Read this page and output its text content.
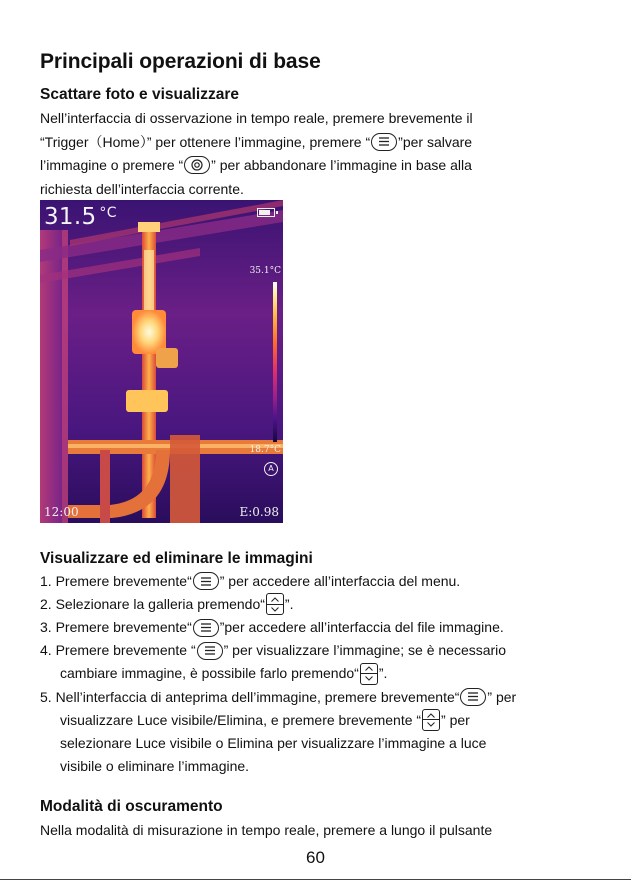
Principali operazioni di base
Scattare foto e visualizzare
Nell’interfaccia di osservazione in tempo reale, premere brevemente il
“Trigger（Home）” per ottenere l’immagine, premere “ ”per salvare
l’immagine o premere “ ” per abbandonare l’immagine in base alla
richiesta dell’interfaccia corrente.
31.5 $^{^\circ C}$
35.1°C
18.7°C
A
12:00	E:0.98
Visualizzare ed eliminare le immagini
1. Premere brevemente“ ” per accedere all’interfaccia del menu.
2. Selezionare la galleria premendo“ ”.
3. Premere brevemente“ ”per accedere all’interfaccia del file immagine.
4. Premere brevemente “ ” per visualizzare l’immagine; se è necessario
cambiare immagine, è possibile farlo premendo“ ”.
5. Nell’interfaccia di anteprima dell’immagine, premere brevemente“ ” per
visualizzare Luce visibile/Elimina, e premere brevemente “ ” per
selezionare Luce visibile o Elimina per visualizzare l’immagine a luce
visibile o eliminare l’immagine.
Modalità di oscuramento
Nella modalità di misurazione in tempo reale, premere a lungo il pulsante
60
